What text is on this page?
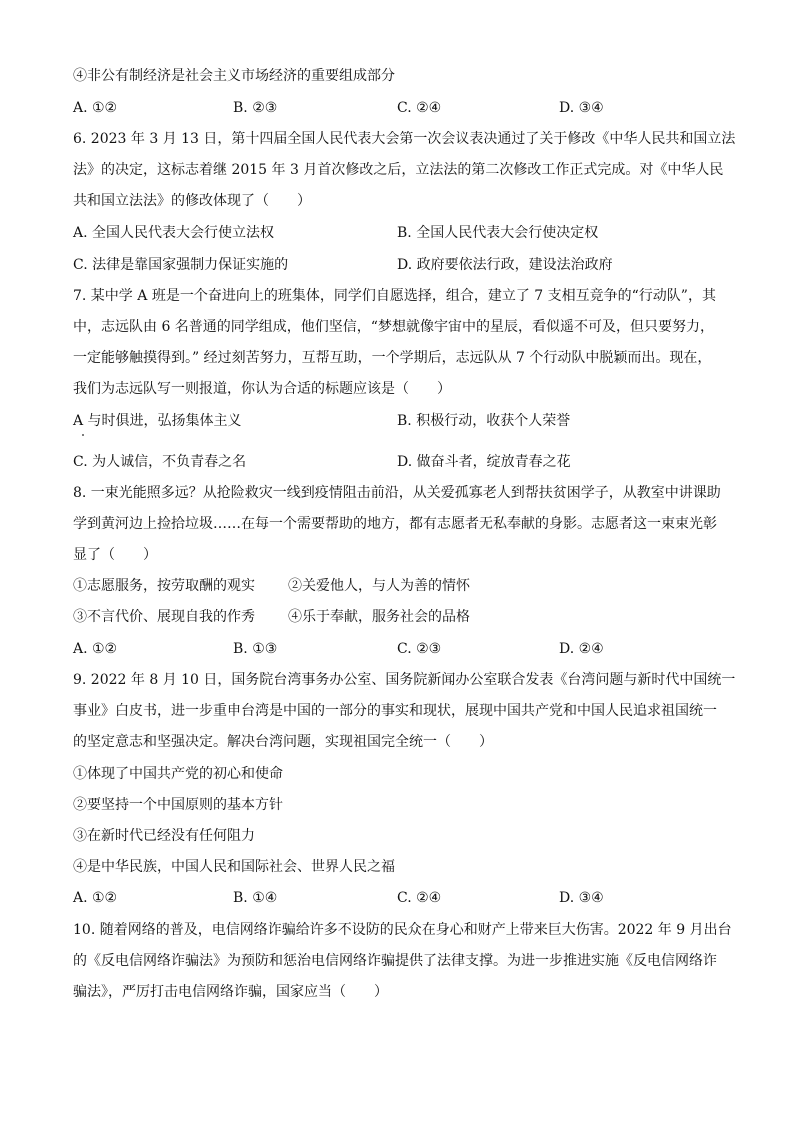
④非公有制经济是社会主义市场经济的重要组成部分
A. ①②	B. ②③	C. ②④	D. ③④
6. 2023 年 3 月 13 日，第十四届全国人民代表大会第一次会议表决通过了关于修改《中华人民共和国立法
法》的决定，这标志着继 2015 年 3 月首次修改之后，立法法的第二次修改工作正式完成。对《中华人民
共和国立法法》的修改体现了（　　）
A. 全国人民代表大会行使立法权	B. 全国人民代表大会行使决定权
C. 法律是靠国家强制力保证实施的	D. 政府要依法行政，建设法治政府
7. 某中学 A 班是一个奋进向上的班集体，同学们自愿选择，组合，建立了 7 支相互竞争的“行动队”，其
中，志远队由 6 名普通的同学组成，他们坚信，“梦想就像宇宙中的星辰，看似遥不可及，但只要努力，
一定能够触摸得到。” 经过刻苦努力，互帮互助，一个学期后，志远队从 7 个行动队中脱颖而出。现在，
我们为志远队写一则报道，你认为合适的标题应该是（　　）
A 与时俱进，弘扬集体主义	B. 积极行动，收获个人荣誉
C. 为人诚信，不负青春之名	D. 做奋斗者，绽放青春之花
8. 一束光能照多远？从抢险救灾一线到疫情阻击前沿，从关爱孤寡老人到帮扶贫困学子，从教室中讲课助
学到黄河边上捡拾垃圾……在每一个需要帮助的地方，都有志愿者无私奉献的身影。志愿者这一束束光彰
显了（　　）
①志愿服务，按劳取酬的观实 ②关爱他人，与人为善的情怀
③不言代价、展现自我的作秀 ④乐于奉献，服务社会的品格
A. ①②	B. ①③	C. ②③	D. ②④
9. 2022 年 8 月 10 日，国务院台湾事务办公室、国务院新闻办公室联合发表《台湾问题与新时代中国统一
事业》白皮书，进一步重申台湾是中国的一部分的事实和现状，展现中国共产党和中国人民追求祖国统一
的坚定意志和坚强决定。解决台湾问题，实现祖国完全统一（　　）
①体现了中国共产党的初心和使命
②要坚持一个中国原则的基本方针
③在新时代已经没有任何阻力
④是中华民族，中国人民和国际社会、世界人民之福
A. ①②	B. ①④	C. ②④	D. ③④
10. 随着网络的普及，电信网络诈骗给许多不设防的民众在身心和财产上带来巨大伤害。2022 年 9 月出台
的《反电信网络诈骗法》为预防和惩治电信网络诈骗提供了法律支撑。为进一步推进实施《反电信网络诈
骗法》，严厉打击电信网络诈骗，国家应当（　　）
